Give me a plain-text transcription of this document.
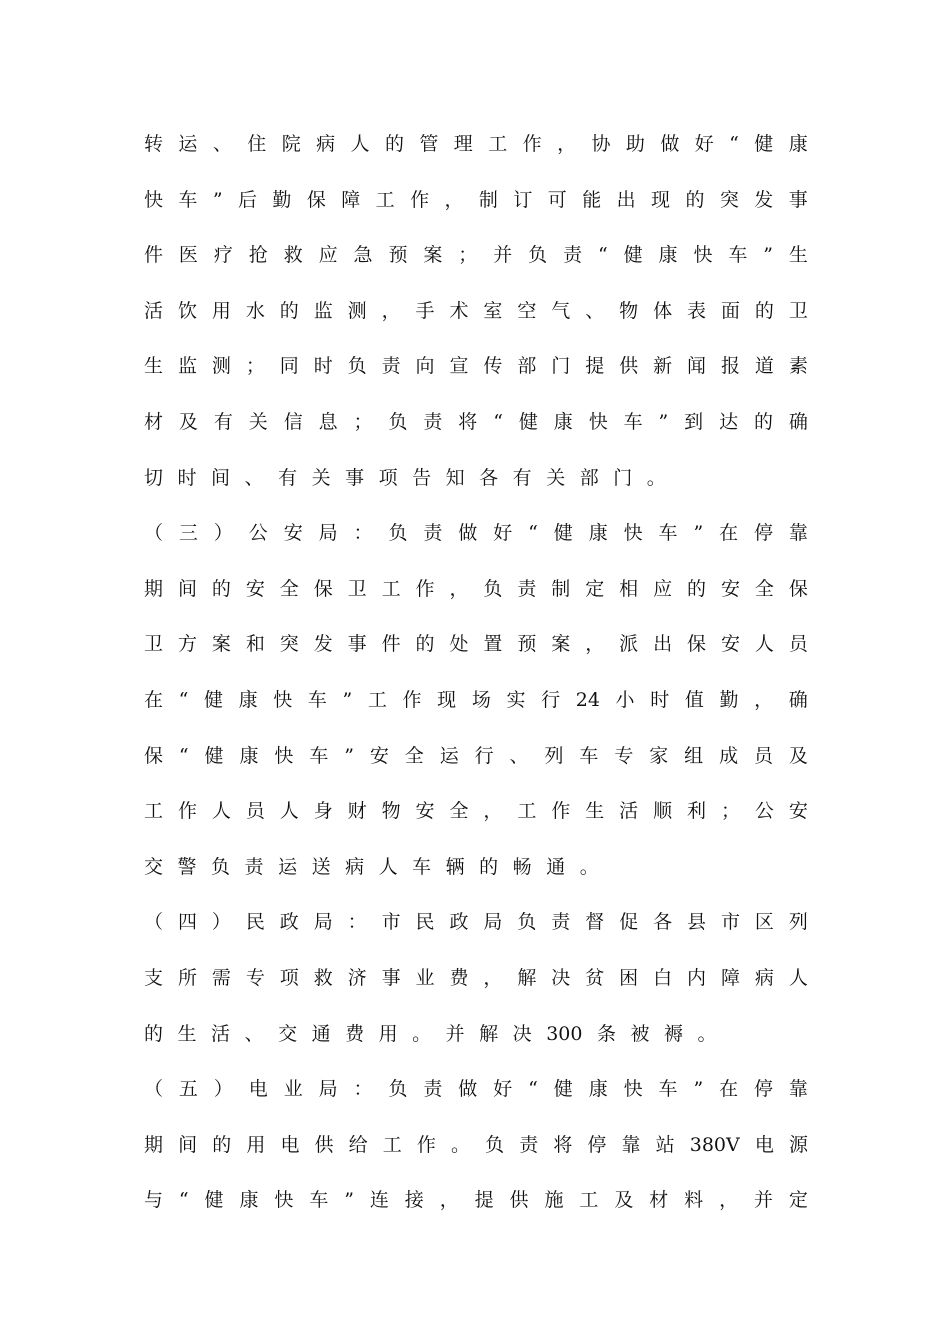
转 运 、 住 院 病 人 的 管 理 工 作 ， 协 助 做 好 “ 健 康
快 车 ” 后 勤 保 障 工 作 ， 制 订 可 能 出 现 的 突 发 事
件 医 疗 抢 救 应 急 预 案 ； 并 负 责 “ 健 康 快 车 ” 生
活 饮 用 水 的 监 测 ， 手 术 室 空 气 、 物 体 表 面 的 卫
生 监 测 ； 同 时 负 责 向 宣 传 部 门 提 供 新 闻 报 道 素
材 及 有 关 信 息 ； 负 责 将 “ 健 康 快 车 ” 到 达 的 确
切 时 间 、 有 关 事 项 告 知 各 有 关 部 门 。
（ 三 ） 公 安 局 ： 负 责 做 好 “ 健 康 快 车 ” 在 停 靠
期 间 的 安 全 保 卫 工 作 ， 负 责 制 定 相 应 的 安 全 保
卫 方 案 和 突 发 事 件 的 处 置 预 案 ， 派 出 保 安 人 员
在 “ 健 康 快 车 ” 工 作 现 场 实 行 24 小 时 值 勤 ， 确
保 “ 健 康 快 车 ” 安 全 运 行 、 列 车 专 家 组 成 员 及
工 作 人 员 人 身 财 物 安 全 ， 工 作 生 活 顺 利 ； 公 安
交 警 负 责 运 送 病 人 车 辆 的 畅 通 。
（ 四 ） 民 政 局 ： 市 民 政 局 负 责 督 促 各 县 市 区 列
支 所 需 专 项 救 济 事 业 费 ， 解 决 贫 困 白 内 障 病 人
的 生 活 、 交 通 费 用 。 并 解 决 300 条 被 褥 。
（ 五 ） 电 业 局 ： 负 责 做 好 “ 健 康 快 车 ” 在 停 靠
期 间 的 用 电 供 给 工 作 。 负 责 将 停 靠 站 380V 电 源
与 “ 健 康 快 车 ” 连 接 ， 提 供 施 工 及 材 料 ， 并 定
